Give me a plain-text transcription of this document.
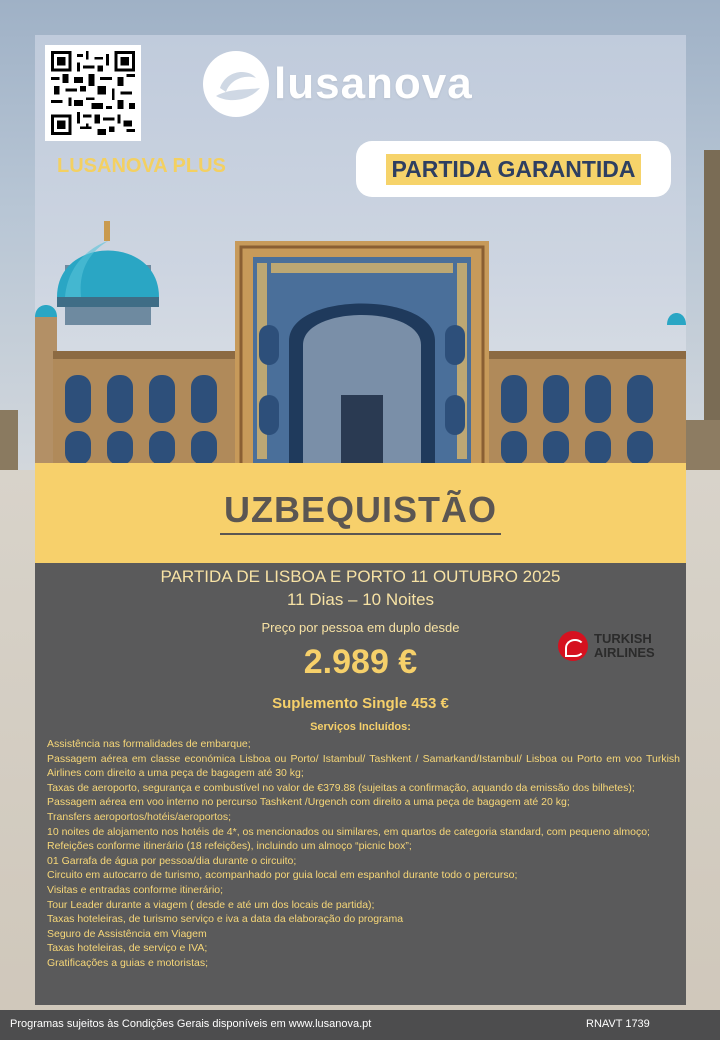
lusanova
LUSANOVA PLUS	PARTIDA GARANTIDA
UZBEQUISTÃO
PARTIDA DE LISBOA E PORTO 11 OUTUBRO 2025
11 Dias – 10 Noites
Preço por pessoa em duplo desde
2.989 €
Suplemento Single 453 €
TURKISH
AIRLINES
Serviços Incluídos:
• Assistência nas formalidades de embarque;
• Passagem aérea em classe económica Lisboa ou Porto/ Istambul/ Tashkent / Samarkand/Istambul/ Lisboa ou Porto em voo Turkish Airlines com direito a uma peça de bagagem até 30 kg;
• Taxas de aeroporto, segurança e combustível no valor de €379.88 (sujeitas a confirmação, aquando da emissão dos bilhetes);
• Passagem aérea em voo interno no percurso Tashkent /Urgench com direito a uma peça de bagagem até 20 kg;
• Transfers aeroportos/hotéis/aeroportos;
• 10 noites de alojamento nos hotéis de 4*, os mencionados ou similares, em quartos de categoria standard, com pequeno almoço;
• Refeições conforme itinerário (18 refeições), incluindo um almoço “picnic box”;
• 01 Garrafa de água por pessoa/dia durante o circuito;
• Circuito em autocarro de turismo, acompanhado por guia local em espanhol durante todo o percurso;
• Visitas e entradas conforme itinerário;
• Tour Leader durante a viagem ( desde e até um dos locais de partida);
• Taxas hoteleiras, de turismo serviço e iva a data da elaboração do programa
• Seguro de Assistência em Viagem
• Taxas hoteleiras, de serviço e IVA;
• Gratificações a guias e motoristas;
Programas sujeitos às Condições Gerais disponíveis em www.lusanova.pt	RNAVT 1739
